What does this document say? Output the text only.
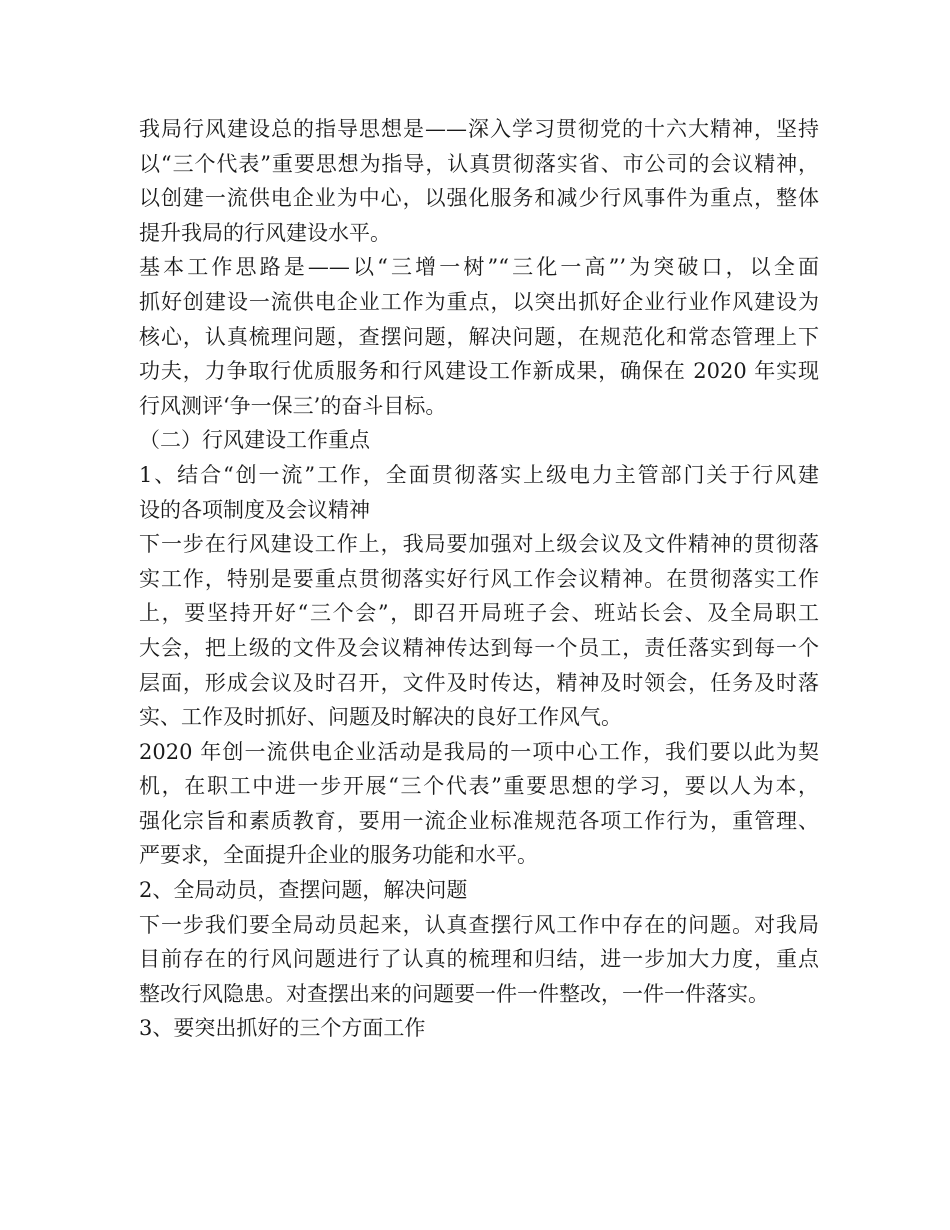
我局行风建设总的指导思想是——深入学习贯彻党的十六大精神，坚持
以“三个代表”重要思想为指导，认真贯彻落实省、市公司的会议精神，
以创建一流供电企业为中心，以强化服务和减少行风事件为重点，整体
提升我局的行风建设水平。
基本工作思路是——以“三增一树”“三化一高”’为突破口，以全面
抓好创建设一流供电企业工作为重点，以突出抓好企业行业作风建设为
核心，认真梳理问题，查摆问题，解决问题，在规范化和常态管理上下
功夫，力争取行优质服务和行风建设工作新成果，确保在 2020 年实现
行风测评‘争一保三’的奋斗目标。
（二）行风建设工作重点
1、结合“创一流”工作，全面贯彻落实上级电力主管部门关于行风建
设的各项制度及会议精神
下一步在行风建设工作上，我局要加强对上级会议及文件精神的贯彻落
实工作，特别是要重点贯彻落实好行风工作会议精神。在贯彻落实工作
上，要坚持开好“三个会”，即召开局班子会、班站长会、及全局职工
大会，把上级的文件及会议精神传达到每一个员工，责任落实到每一个
层面，形成会议及时召开，文件及时传达，精神及时领会，任务及时落
实、工作及时抓好、问题及时解决的良好工作风气。
2020 年创一流供电企业活动是我局的一项中心工作，我们要以此为契
机，在职工中进一步开展“三个代表”重要思想的学习，要以人为本，
强化宗旨和素质教育，要用一流企业标准规范各项工作行为，重管理、
严要求，全面提升企业的服务功能和水平。
2、全局动员，查摆问题，解决问题
下一步我们要全局动员起来，认真查摆行风工作中存在的问题。对我局
目前存在的行风问题进行了认真的梳理和归结，进一步加大力度，重点
整改行风隐患。对查摆出来的问题要一件一件整改，一件一件落实。
3、要突出抓好的三个方面工作
